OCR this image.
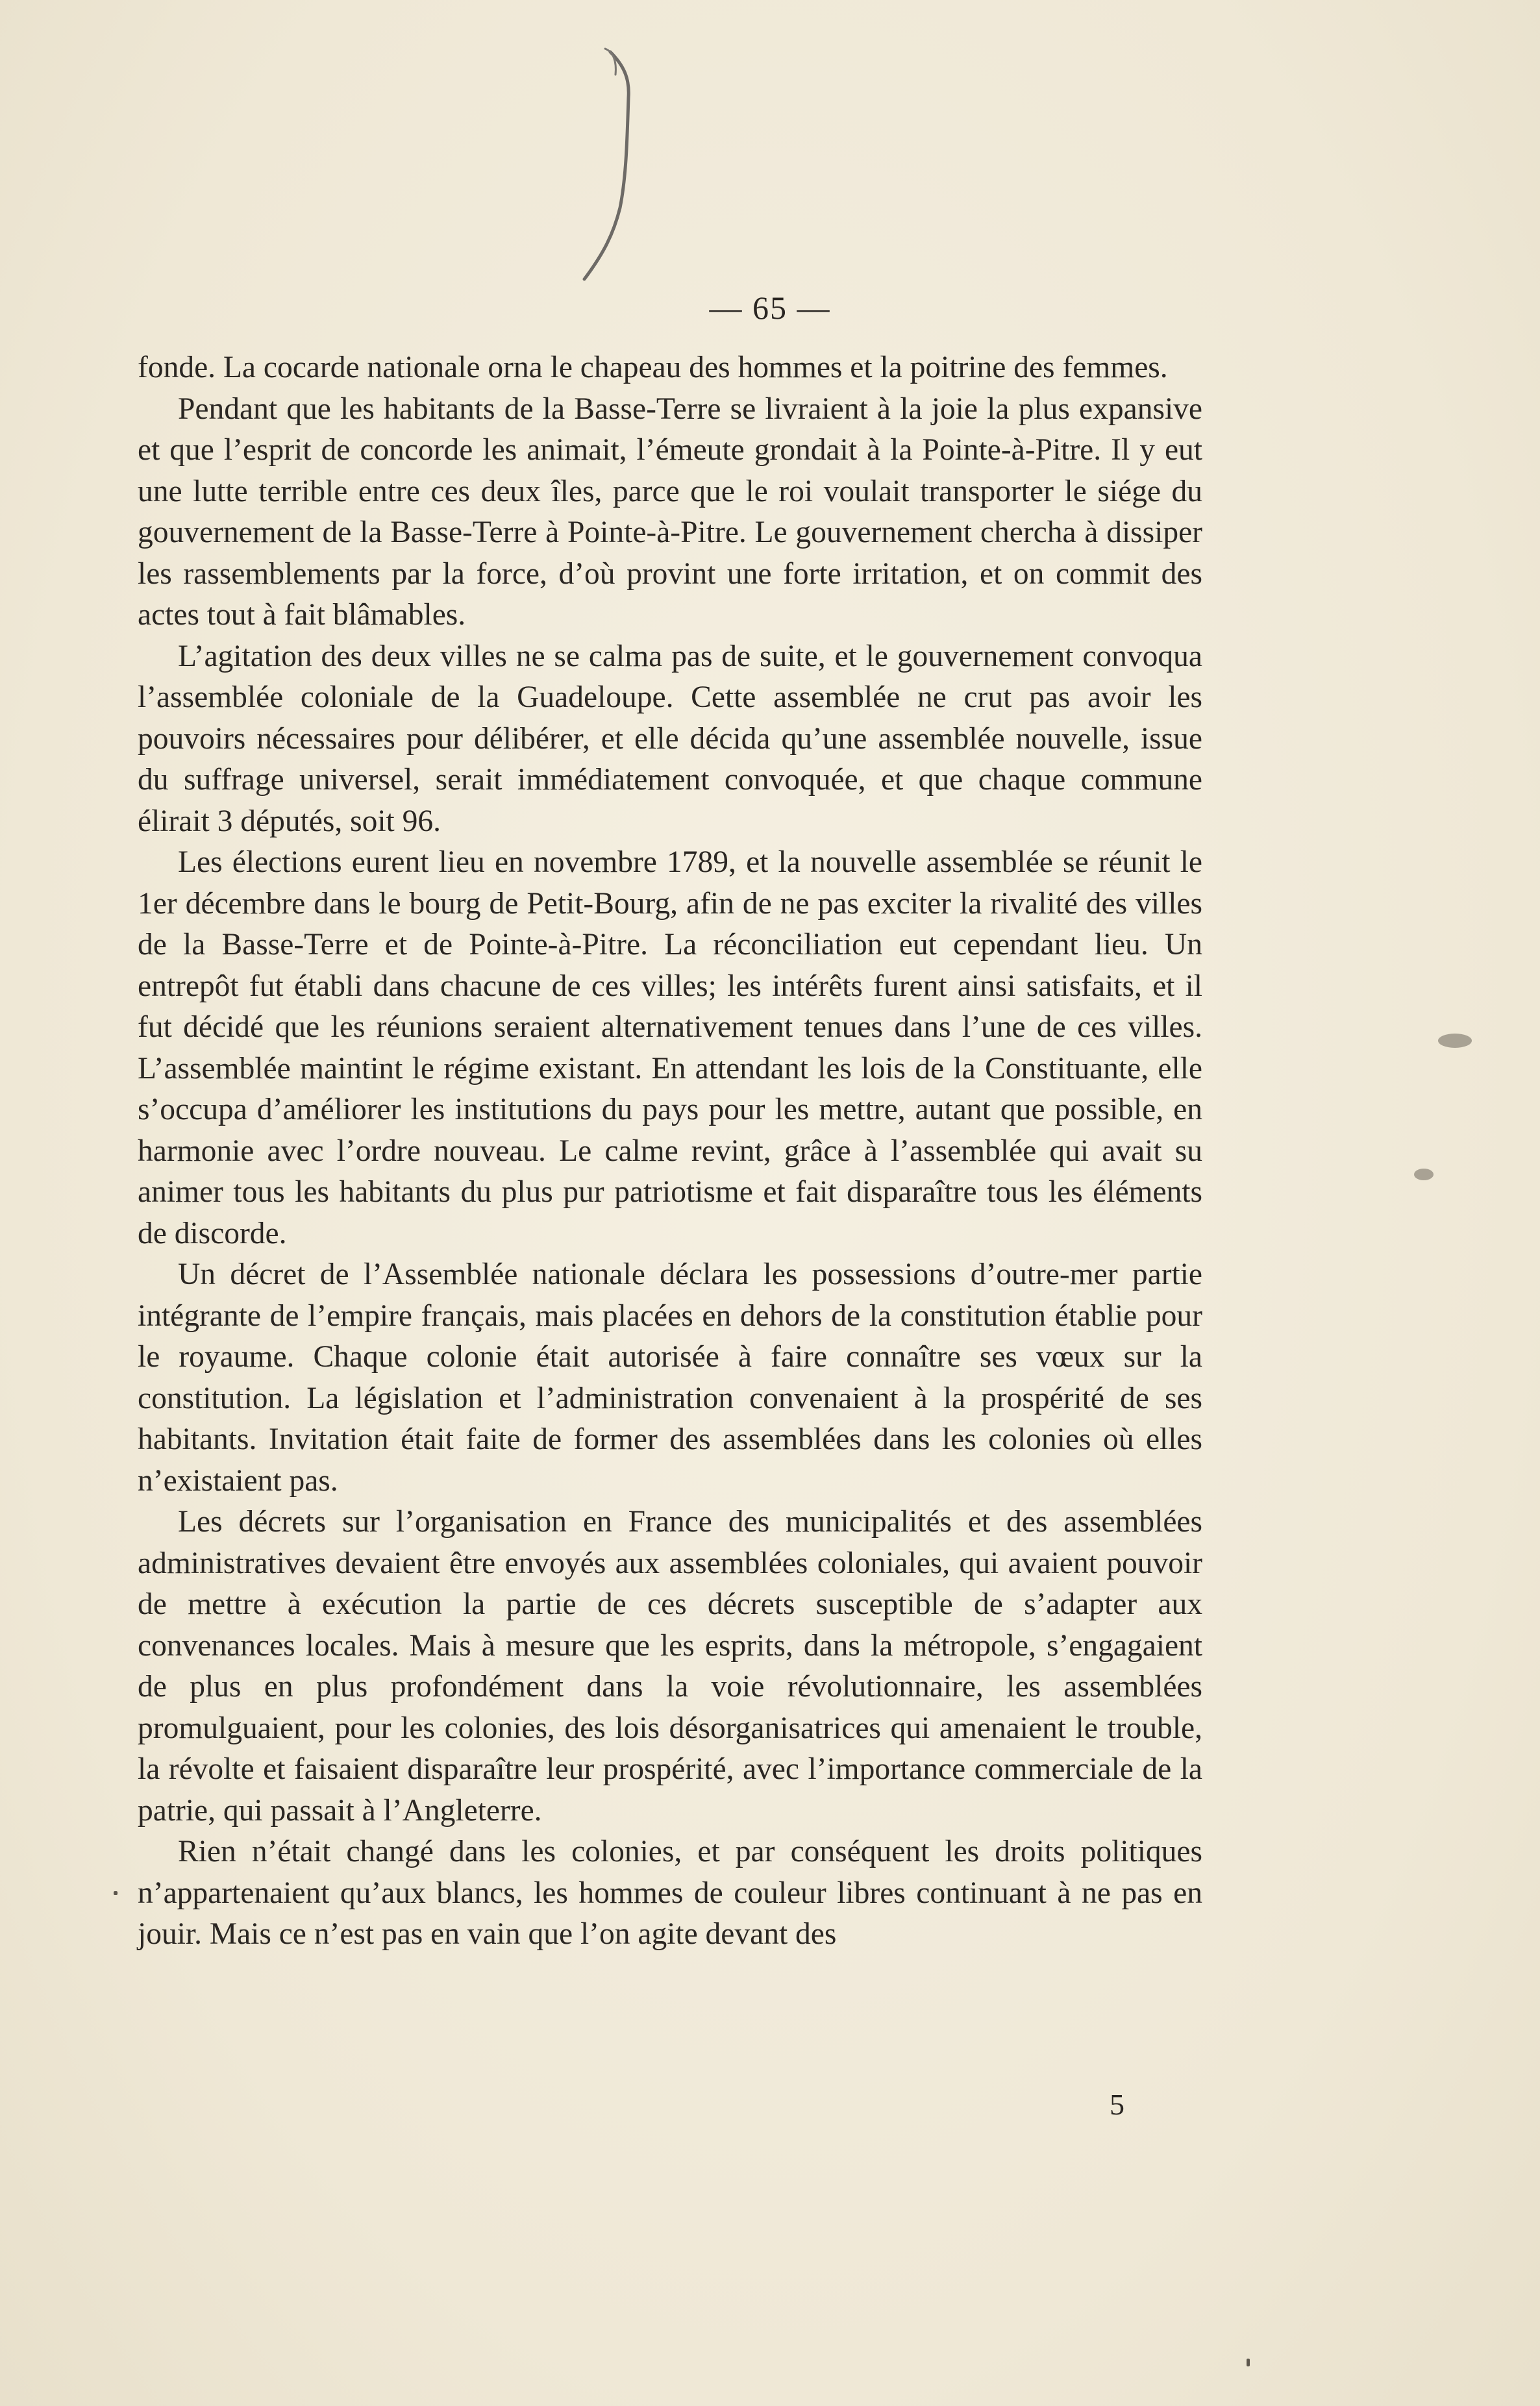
— 65 —

fonde. La cocarde nationale orna le chapeau des hommes et la poitrine des femmes.

Pendant que les habitants de la Basse-Terre se livraient à la joie la plus expansive et que l’esprit de concorde les animait, l’émeute grondait à la Pointe-à-Pitre. Il y eut une lutte terrible entre ces deux îles, parce que le roi voulait transporter le siége du gouvernement de la Basse-Terre à Pointe-à-Pitre. Le gouvernement chercha à dissiper les rassemblements par la force, d’où provint une forte irritation, et on commit des actes tout à fait blâmables.

L’agitation des deux villes ne se calma pas de suite, et le gouvernement convoqua l’assemblée coloniale de la Guadeloupe. Cette assemblée ne crut pas avoir les pouvoirs nécessaires pour délibérer, et elle décida qu’une assemblée nouvelle, issue du suffrage universel, serait immédiatement convoquée, et que chaque commune élirait 3 députés, soit 96.

Les élections eurent lieu en novembre 1789, et la nouvelle assemblée se réunit le 1er décembre dans le bourg de Petit-Bourg, afin de ne pas exciter la rivalité des villes de la Basse-Terre et de Pointe-à-Pitre. La réconciliation eut cependant lieu. Un entrepôt fut établi dans chacune de ces villes; les intérêts furent ainsi satisfaits, et il fut décidé que les réunions seraient alternativement tenues dans l’une de ces villes. L’assemblée maintint le régime existant. En attendant les lois de la Constituante, elle s’occupa d’améliorer les institutions du pays pour les mettre, autant que possible, en harmonie avec l’ordre nouveau. Le calme revint, grâce à l’assemblée qui avait su animer tous les habitants du plus pur patriotisme et fait disparaître tous les éléments de discorde.

Un décret de l’Assemblée nationale déclara les possessions d’outre-mer partie intégrante de l’empire français, mais placées en dehors de la constitution établie pour le royaume. Chaque colonie était autorisée à faire connaître ses vœux sur la constitution. La législation et l’administration convenaient à la prospérité de ses habitants. Invitation était faite de former des assemblées dans les colonies où elles n’existaient pas.

Les décrets sur l’organisation en France des municipalités et des assemblées administratives devaient être envoyés aux assemblées coloniales, qui avaient pouvoir de mettre à exécution la partie de ces décrets susceptible de s’adapter aux convenances locales. Mais à mesure que les esprits, dans la métropole, s’engagaient de plus en plus profondément dans la voie révolutionnaire, les assemblées promulguaient, pour les colonies, des lois désorganisatrices qui amenaient le trouble, la révolte et faisaient disparaître leur prospérité, avec l’importance commerciale de la patrie, qui passait à l’Angleterre.

Rien n’était changé dans les colonies, et par conséquent les droits politiques n’appartenaient qu’aux blancs, les hommes de couleur libres continuant à ne pas en jouir. Mais ce n’est pas en vain que l’on agite devant des

5
